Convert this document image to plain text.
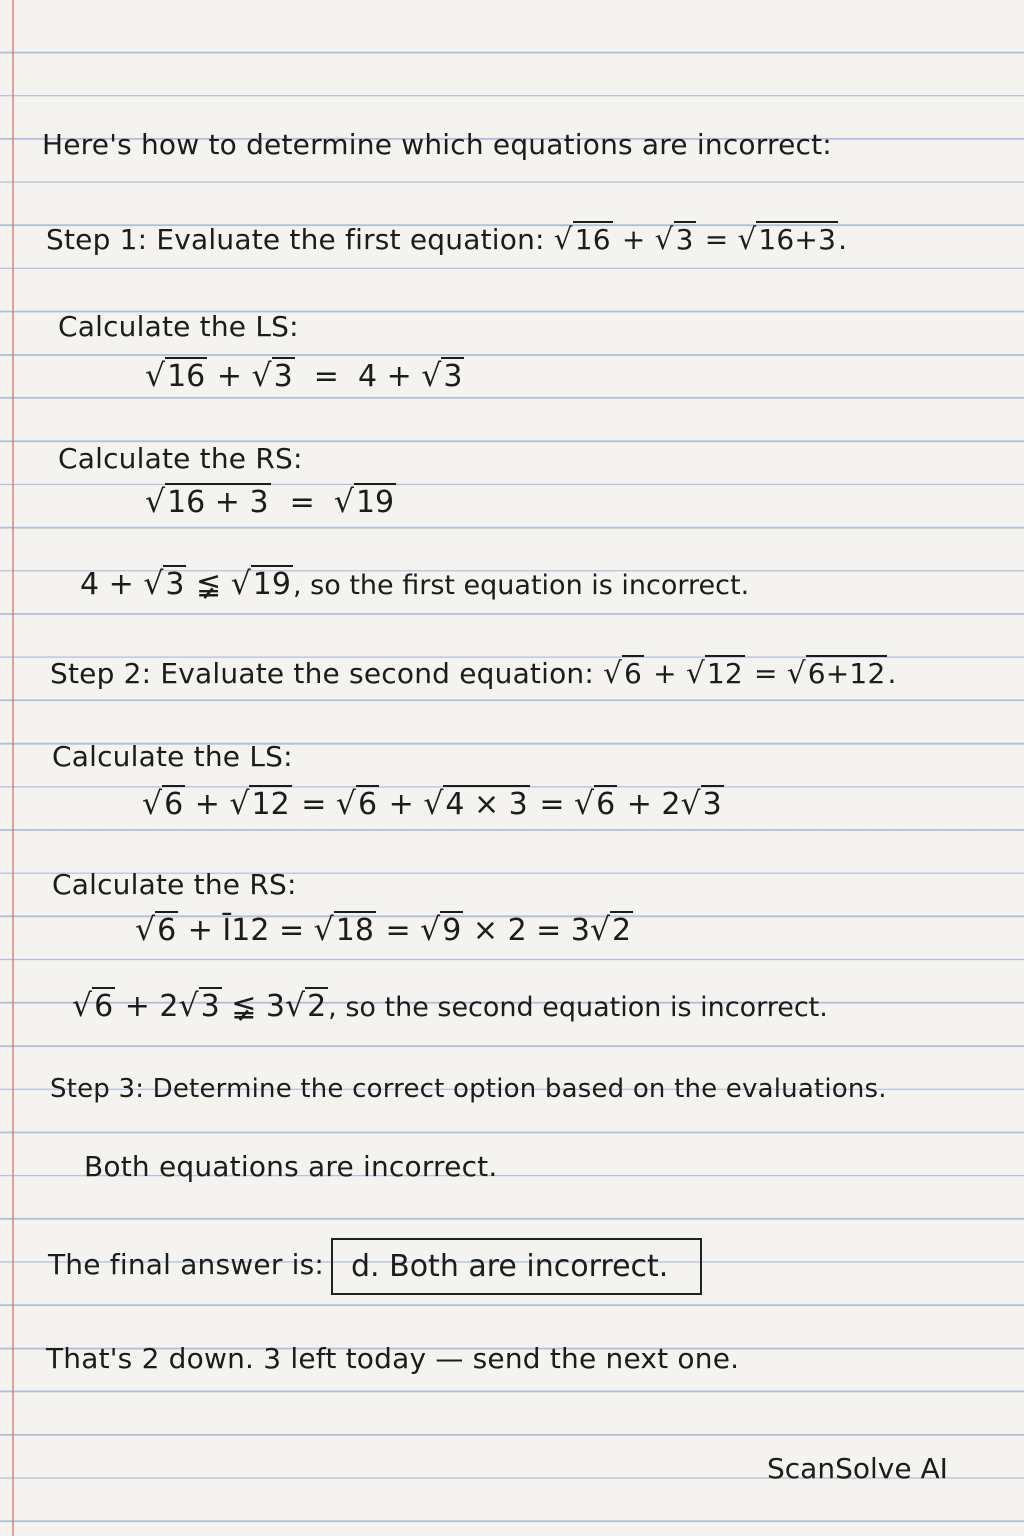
Here's how to determine which equations are incorrect:
Step 1: Evaluate the first equation: √16 + √3 = √16+3.
Calculate the LS:
√16 + √3 = 4 + √3
Calculate the RS:
√16 + 3 = √19
4 + √3 ≨ √19, so the first equation is incorrect.
Step 2: Evaluate the second equation: √6 + √12 = √6+12.
Calculate the LS:
√6 + √12 = √6 + √4 × 3 = √6 + 2√3
Calculate the RS:
√6 + Ī12 = √18 = √9 × 2 = 3√2
√6 + 2√3 ≨ 3√2, so the second equation is incorrect.
Step 3: Determine the correct option based on the evaluations.
Both equations are incorrect.
The final answer is: d. Both are incorrect.
That's 2 down. 3 left today — send the next one.
ScanSolve AI
